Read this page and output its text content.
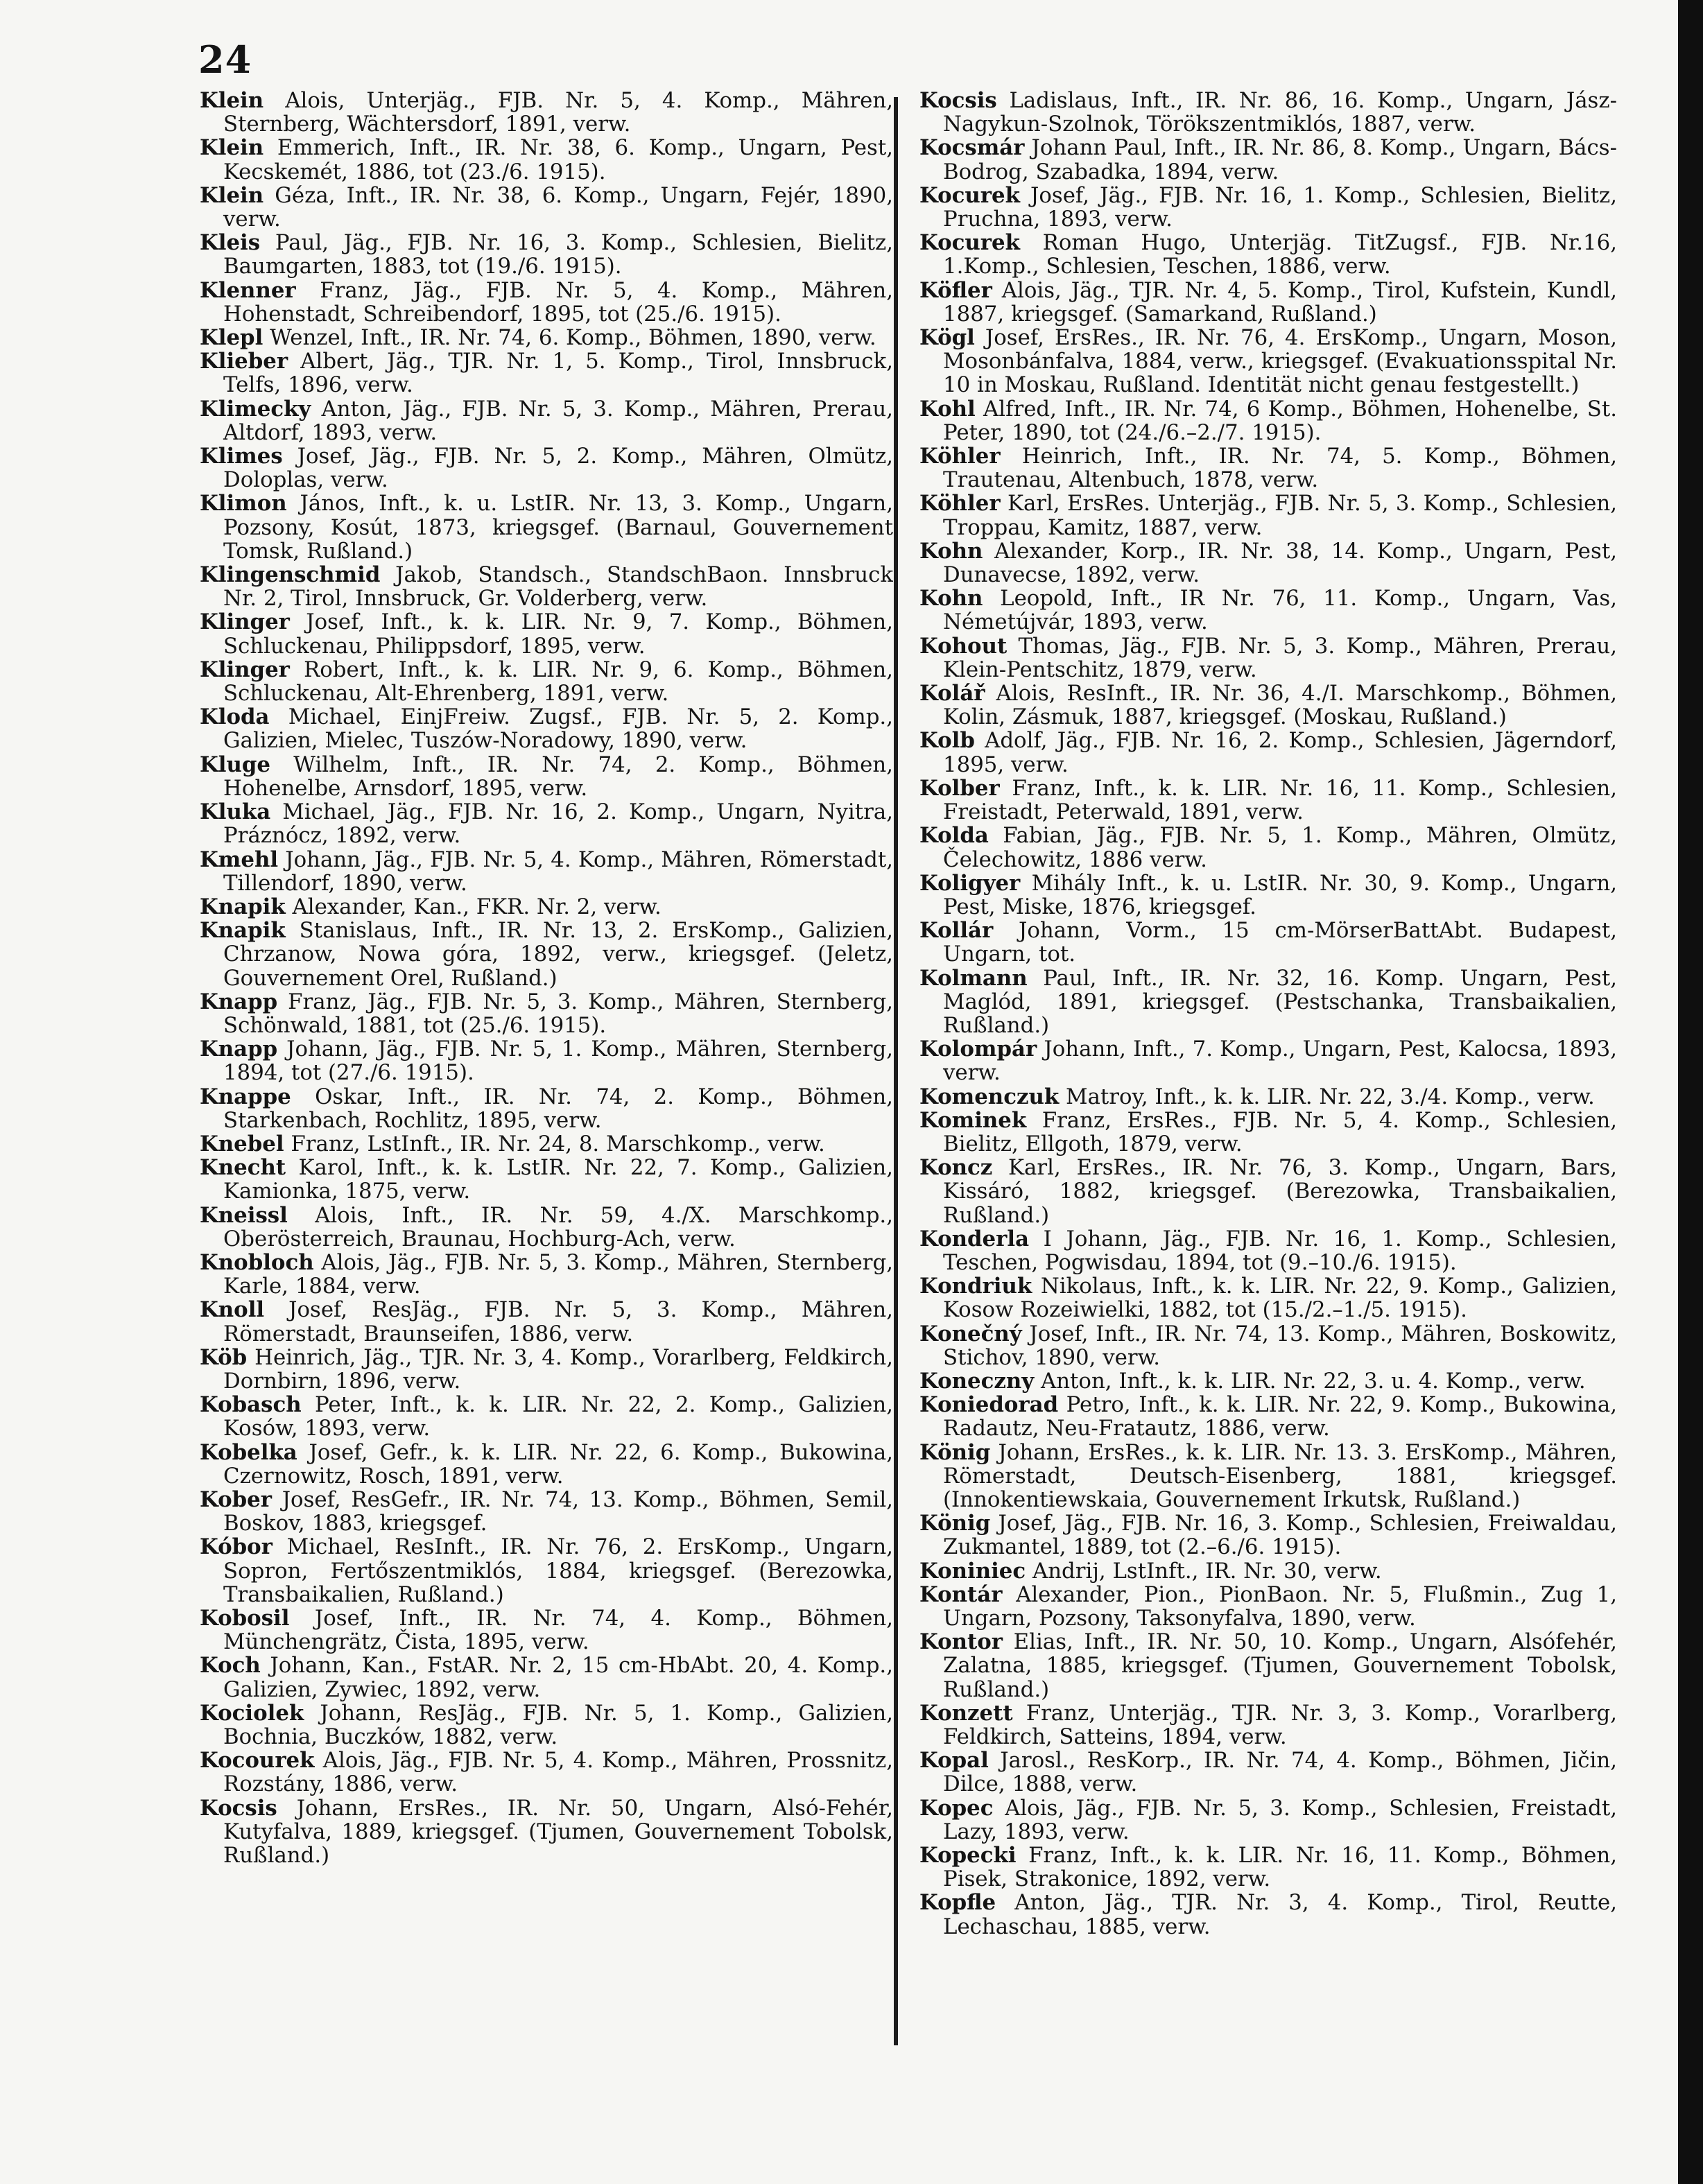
24
Klein Alois, Unterjäg., FJB. Nr. 5, 4. Komp., Mähren, Sternberg, Wächtersdorf, 1891, verw.
Klein Emmerich, Inft., IR. Nr. 38, 6. Komp., Ungarn, Pest, Kecskemét, 1886, tot (23./6. 1915).
Klein Géza, Inft., IR. Nr. 38, 6. Komp., Ungarn, Fejér, 1890, verw.
Kleis Paul, Jäg., FJB. Nr. 16, 3. Komp., Schlesien, Bielitz, Baumgarten, 1883, tot (19./6. 1915).
Klenner Franz, Jäg., FJB. Nr. 5, 4. Komp., Mähren, Hohenstadt, Schreibendorf, 1895, tot (25./6. 1915).
Klepl Wenzel, Inft., IR. Nr. 74, 6. Komp., Böhmen, 1890, verw.
Klieber Albert, Jäg., TJR. Nr. 1, 5. Komp., Tirol, Innsbruck, Telfs, 1896, verw.
Klimecky Anton, Jäg., FJB. Nr. 5, 3. Komp., Mähren, Prerau, Altdorf, 1893, verw.
Klimes Josef, Jäg., FJB. Nr. 5, 2. Komp., Mähren, Olmütz, Doloplas, verw.
Klimon János, Inft., k. u. LstIR. Nr. 13, 3. Komp., Ungarn, Pozsony, Kosút, 1873, kriegsgef. (Barnaul, Gouvernement Tomsk, Rußland.)
Klingenschmid Jakob, Standsch., StandschBaon. Innsbruck Nr. 2, Tirol, Innsbruck, Gr. Volderberg, verw.
Klinger Josef, Inft., k. k. LIR. Nr. 9, 7. Komp., Böhmen, Schluckenau, Philippsdorf, 1895, verw.
Klinger Robert, Inft., k. k. LIR. Nr. 9, 6. Komp., Böhmen, Schluckenau, Alt-Ehrenberg, 1891, verw.
Kloda Michael, EinjFreiw. Zugsf., FJB. Nr. 5, 2. Komp., Galizien, Mielec, Tuszów-Noradowy, 1890, verw.
Kluge Wilhelm, Inft., IR. Nr. 74, 2. Komp., Böhmen, Hohenelbe, Arnsdorf, 1895, verw.
Kluka Michael, Jäg., FJB. Nr. 16, 2. Komp., Ungarn, Nyitra, Práznócz, 1892, verw.
Kmehl Johann, Jäg., FJB. Nr. 5, 4. Komp., Mähren, Römerstadt, Tillendorf, 1890, verw.
Knapik Alexander, Kan., FKR. Nr. 2, verw.
Knapik Stanislaus, Inft., IR. Nr. 13, 2. ErsKomp., Galizien, Chrzanow, Nowa góra, 1892, verw., kriegsgef. (Jeletz, Gouvernement Orel, Rußland.)
Knapp Franz, Jäg., FJB. Nr. 5, 3. Komp., Mähren, Sternberg, Schönwald, 1881, tot (25./6. 1915).
Knapp Johann, Jäg., FJB. Nr. 5, 1. Komp., Mähren, Sternberg, 1894, tot (27./6. 1915).
Knappe Oskar, Inft., IR. Nr. 74, 2. Komp., Böhmen, Starkenbach, Rochlitz, 1895, verw.
Knebel Franz, LstInft., IR. Nr. 24, 8. Marschkomp., verw.
Knecht Karol, Inft., k. k. LstIR. Nr. 22, 7. Komp., Galizien, Kamionka, 1875, verw.
Kneissl Alois, Inft., IR. Nr. 59, 4./X. Marschkomp., Oberösterreich, Braunau, Hochburg-Ach, verw.
Knobloch Alois, Jäg., FJB. Nr. 5, 3. Komp., Mähren, Sternberg, Karle, 1884, verw.
Knoll Josef, ResJäg., FJB. Nr. 5, 3. Komp., Mähren, Römerstadt, Braunseifen, 1886, verw.
Köb Heinrich, Jäg., TJR. Nr. 3, 4. Komp., Vorarlberg, Feldkirch, Dornbirn, 1896, verw.
Kobasch Peter, Inft., k. k. LIR. Nr. 22, 2. Komp., Galizien, Kosów, 1893, verw.
Kobelka Josef, Gefr., k. k. LIR. Nr. 22, 6. Komp., Bukowina, Czernowitz, Rosch, 1891, verw.
Kober Josef, ResGefr., IR. Nr. 74, 13. Komp., Böhmen, Semil, Boskov, 1883, kriegsgef.
Kóbor Michael, ResInft., IR. Nr. 76, 2. ErsKomp., Ungarn, Sopron, Fertőszentmiklós, 1884, kriegsgef. (Berezowka, Transbaikalien, Rußland.)
Kobosil Josef, Inft., IR. Nr. 74, 4. Komp., Böhmen, Münchengrätz, Čista, 1895, verw.
Koch Johann, Kan., FstAR. Nr. 2, 15 cm-HbAbt. 20, 4. Komp., Galizien, Zywiec, 1892, verw.
Kociolek Johann, ResJäg., FJB. Nr. 5, 1. Komp., Galizien, Bochnia, Buczków, 1882, verw.
Kocourek Alois, Jäg., FJB. Nr. 5, 4. Komp., Mähren, Prossnitz, Rozstány, 1886, verw.
Kocsis Johann, ErsRes., IR. Nr. 50, Ungarn, Alsó-Fehér, Kutyfalva, 1889, kriegsgef. (Tjumen, Gouvernement Tobolsk, Rußland.)
Kocsis Ladislaus, Inft., IR. Nr. 86, 16. Komp., Ungarn, Jász-Nagykun-Szolnok, Törökszentmiklós, 1887, verw.
Kocsmár Johann Paul, Inft., IR. Nr. 86, 8. Komp., Ungarn, Bács-Bodrog, Szabadka, 1894, verw.
Kocurek Josef, Jäg., FJB. Nr. 16, 1. Komp., Schlesien, Bielitz, Pruchna, 1893, verw.
Kocurek Roman Hugo, Unterjäg. TitZugsf., FJB. Nr.16, 1.Komp., Schlesien, Teschen, 1886, verw.
Köfler Alois, Jäg., TJR. Nr. 4, 5. Komp., Tirol, Kufstein, Kundl, 1887, kriegsgef. (Samarkand, Rußland.)
Kögl Josef, ErsRes., IR. Nr. 76, 4. ErsKomp., Ungarn, Moson, Mosonbánfalva, 1884, verw., kriegsgef. (Evakuationsspital Nr. 10 in Moskau, Rußland. Identität nicht genau festgestellt.)
Kohl Alfred, Inft., IR. Nr. 74, 6 Komp., Böhmen, Hohenelbe, St. Peter, 1890, tot (24./6.–2./7. 1915).
Köhler Heinrich, Inft., IR. Nr. 74, 5. Komp., Böhmen, Trautenau, Altenbuch, 1878, verw.
Köhler Karl, ErsRes. Unterjäg., FJB. Nr. 5, 3. Komp., Schlesien, Troppau, Kamitz, 1887, verw.
Kohn Alexander, Korp., IR. Nr. 38, 14. Komp., Ungarn, Pest, Dunavecse, 1892, verw.
Kohn Leopold, Inft., IR Nr. 76, 11. Komp., Ungarn, Vas, Németújvár, 1893, verw.
Kohout Thomas, Jäg., FJB. Nr. 5, 3. Komp., Mähren, Prerau, Klein-Pentschitz, 1879, verw.
Kolář Alois, ResInft., IR. Nr. 36, 4./I. Marschkomp., Böhmen, Kolin, Zásmuk, 1887, kriegsgef. (Moskau, Rußland.)
Kolb Adolf, Jäg., FJB. Nr. 16, 2. Komp., Schlesien, Jägerndorf, 1895, verw.
Kolber Franz, Inft., k. k. LIR. Nr. 16, 11. Komp., Schlesien, Freistadt, Peterwald, 1891, verw.
Kolda Fabian, Jäg., FJB. Nr. 5, 1. Komp., Mähren, Olmütz, Čelechowitz, 1886 verw.
Koligyer Mihály Inft., k. u. LstIR. Nr. 30, 9. Komp., Ungarn, Pest, Miske, 1876, kriegsgef.
Kollár Johann, Vorm., 15 cm-MörserBattAbt. Budapest, Ungarn, tot.
Kolmann Paul, Inft., IR. Nr. 32, 16. Komp. Ungarn, Pest, Maglód, 1891, kriegsgef. (Pestschanka, Transbaikalien, Rußland.)
Kolompár Johann, Inft., 7. Komp., Ungarn, Pest, Kalocsa, 1893, verw.
Komenczuk Matroy, Inft., k. k. LIR. Nr. 22, 3./4. Komp., verw.
Kominek Franz, ErsRes., FJB. Nr. 5, 4. Komp., Schlesien, Bielitz, Ellgoth, 1879, verw.
Koncz Karl, ErsRes., IR. Nr. 76, 3. Komp., Ungarn, Bars, Kissáró, 1882, kriegsgef. (Berezowka, Transbaikalien, Rußland.)
Konderla I Johann, Jäg., FJB. Nr. 16, 1. Komp., Schlesien, Teschen, Pogwisdau, 1894, tot (9.–10./6. 1915).
Kondriuk Nikolaus, Inft., k. k. LIR. Nr. 22, 9. Komp., Galizien, Kosow Rozeiwielki, 1882, tot (15./2.–1./5. 1915).
Konečný Josef, Inft., IR. Nr. 74, 13. Komp., Mähren, Boskowitz, Stichov, 1890, verw.
Koneczny Anton, Inft., k. k. LIR. Nr. 22, 3. u. 4. Komp., verw.
Koniedorad Petro, Inft., k. k. LIR. Nr. 22, 9. Komp., Bukowina, Radautz, Neu-Fratautz, 1886, verw.
König Johann, ErsRes., k. k. LIR. Nr. 13. 3. ErsKomp., Mähren, Römerstadt, Deutsch-Eisenberg, 1881, kriegsgef. (Innokentiewskaia, Gouvernement Irkutsk, Rußland.)
König Josef, Jäg., FJB. Nr. 16, 3. Komp., Schlesien, Freiwaldau, Zukmantel, 1889, tot (2.–6./6. 1915).
Koniniec Andrij, LstInft., IR. Nr. 30, verw.
Kontár Alexander, Pion., PionBaon. Nr. 5, Flußmin., Zug 1, Ungarn, Pozsony, Taksonyfalva, 1890, verw.
Kontor Elias, Inft., IR. Nr. 50, 10. Komp., Ungarn, Alsófehér, Zalatna, 1885, kriegsgef. (Tjumen, Gouvernement Tobolsk, Rußland.)
Konzett Franz, Unterjäg., TJR. Nr. 3, 3. Komp., Vorarlberg, Feldkirch, Satteins, 1894, verw.
Kopal Jarosl., ResKorp., IR. Nr. 74, 4. Komp., Böhmen, Jičin, Dilce, 1888, verw.
Kopec Alois, Jäg., FJB. Nr. 5, 3. Komp., Schlesien, Freistadt, Lazy, 1893, verw.
Kopecki Franz, Inft., k. k. LIR. Nr. 16, 11. Komp., Böhmen, Pisek, Strakonice, 1892, verw.
Kopfle Anton, Jäg., TJR. Nr. 3, 4. Komp., Tirol, Reutte, Lechaschau, 1885, verw.
